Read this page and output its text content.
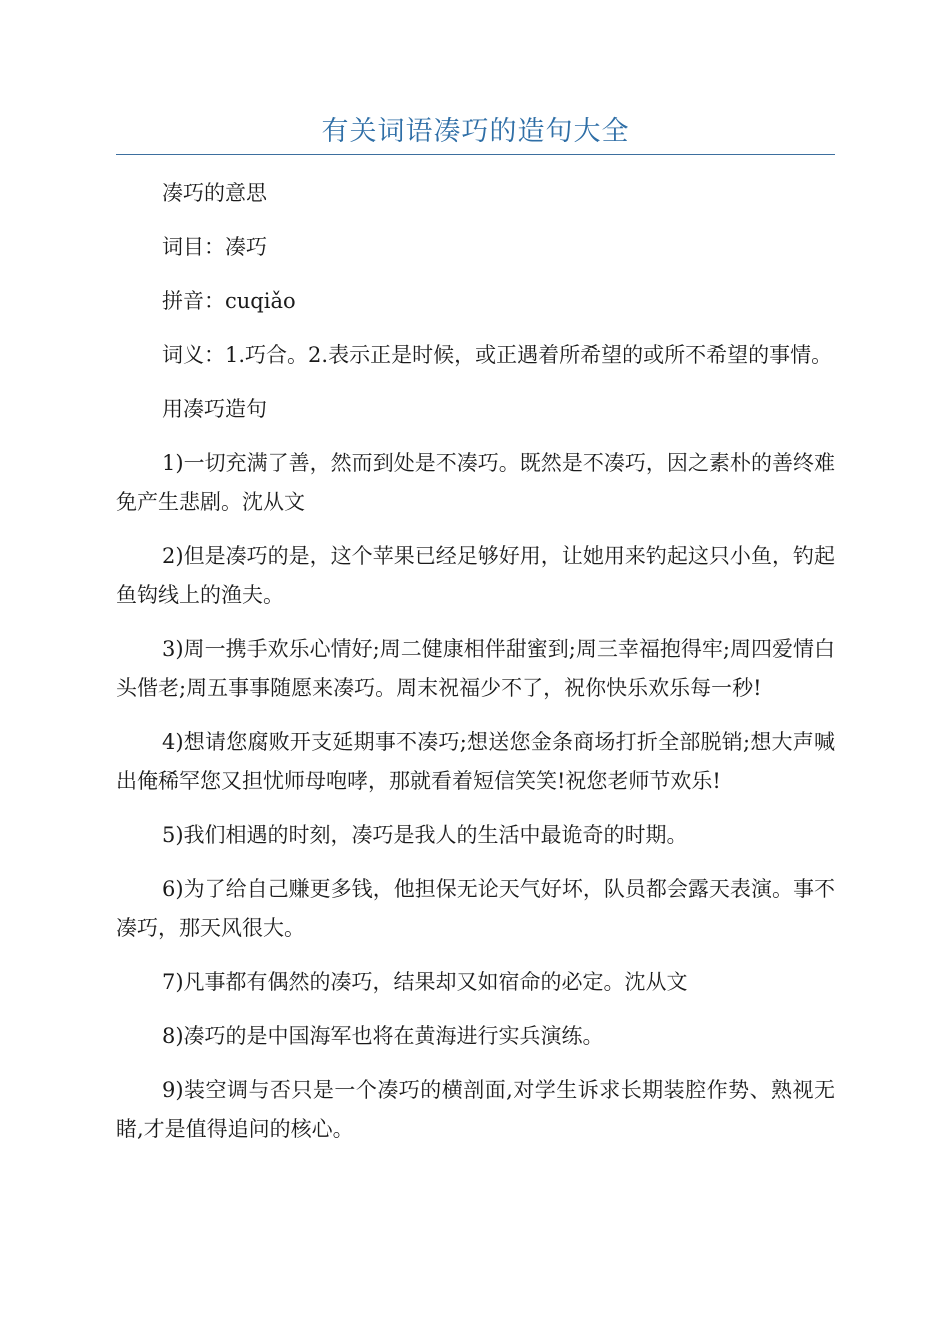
有关词语凑巧的造句大全

凑巧的意思

词目：凑巧

拼音：cuqiǎo

词义：1.巧合。2.表示正是时候，或正遇着所希望的或所不希望的事情。

用凑巧造句

1)一切充满了善，然而到处是不凑巧。既然是不凑巧，因之素朴的善终难免产生悲剧。沈从文

2)但是凑巧的是，这个苹果已经足够好用，让她用来钓起这只小鱼，钓起鱼钩线上的渔夫。

3)周一携手欢乐心情好;周二健康相伴甜蜜到;周三幸福抱得牢;周四爱情白头偕老;周五事事随愿来凑巧。周末祝福少不了，祝你快乐欢乐每一秒!

4)想请您腐败开支延期事不凑巧;想送您金条商场打折全部脱销;想大声喊出俺稀罕您又担忧师母咆哮，那就看着短信笑笑!祝您老师节欢乐!

5)我们相遇的时刻，凑巧是我人的生活中最诡奇的时期。

6)为了给自己赚更多钱，他担保无论天气好坏，队员都会露天表演。事不凑巧，那天风很大。

7)凡事都有偶然的凑巧，结果却又如宿命的必定。沈从文

8)凑巧的是中国海军也将在黄海进行实兵演练。

9)装空调与否只是一个凑巧的横剖面,对学生诉求长期装腔作势、熟视无睹,才是值得追问的核心。
